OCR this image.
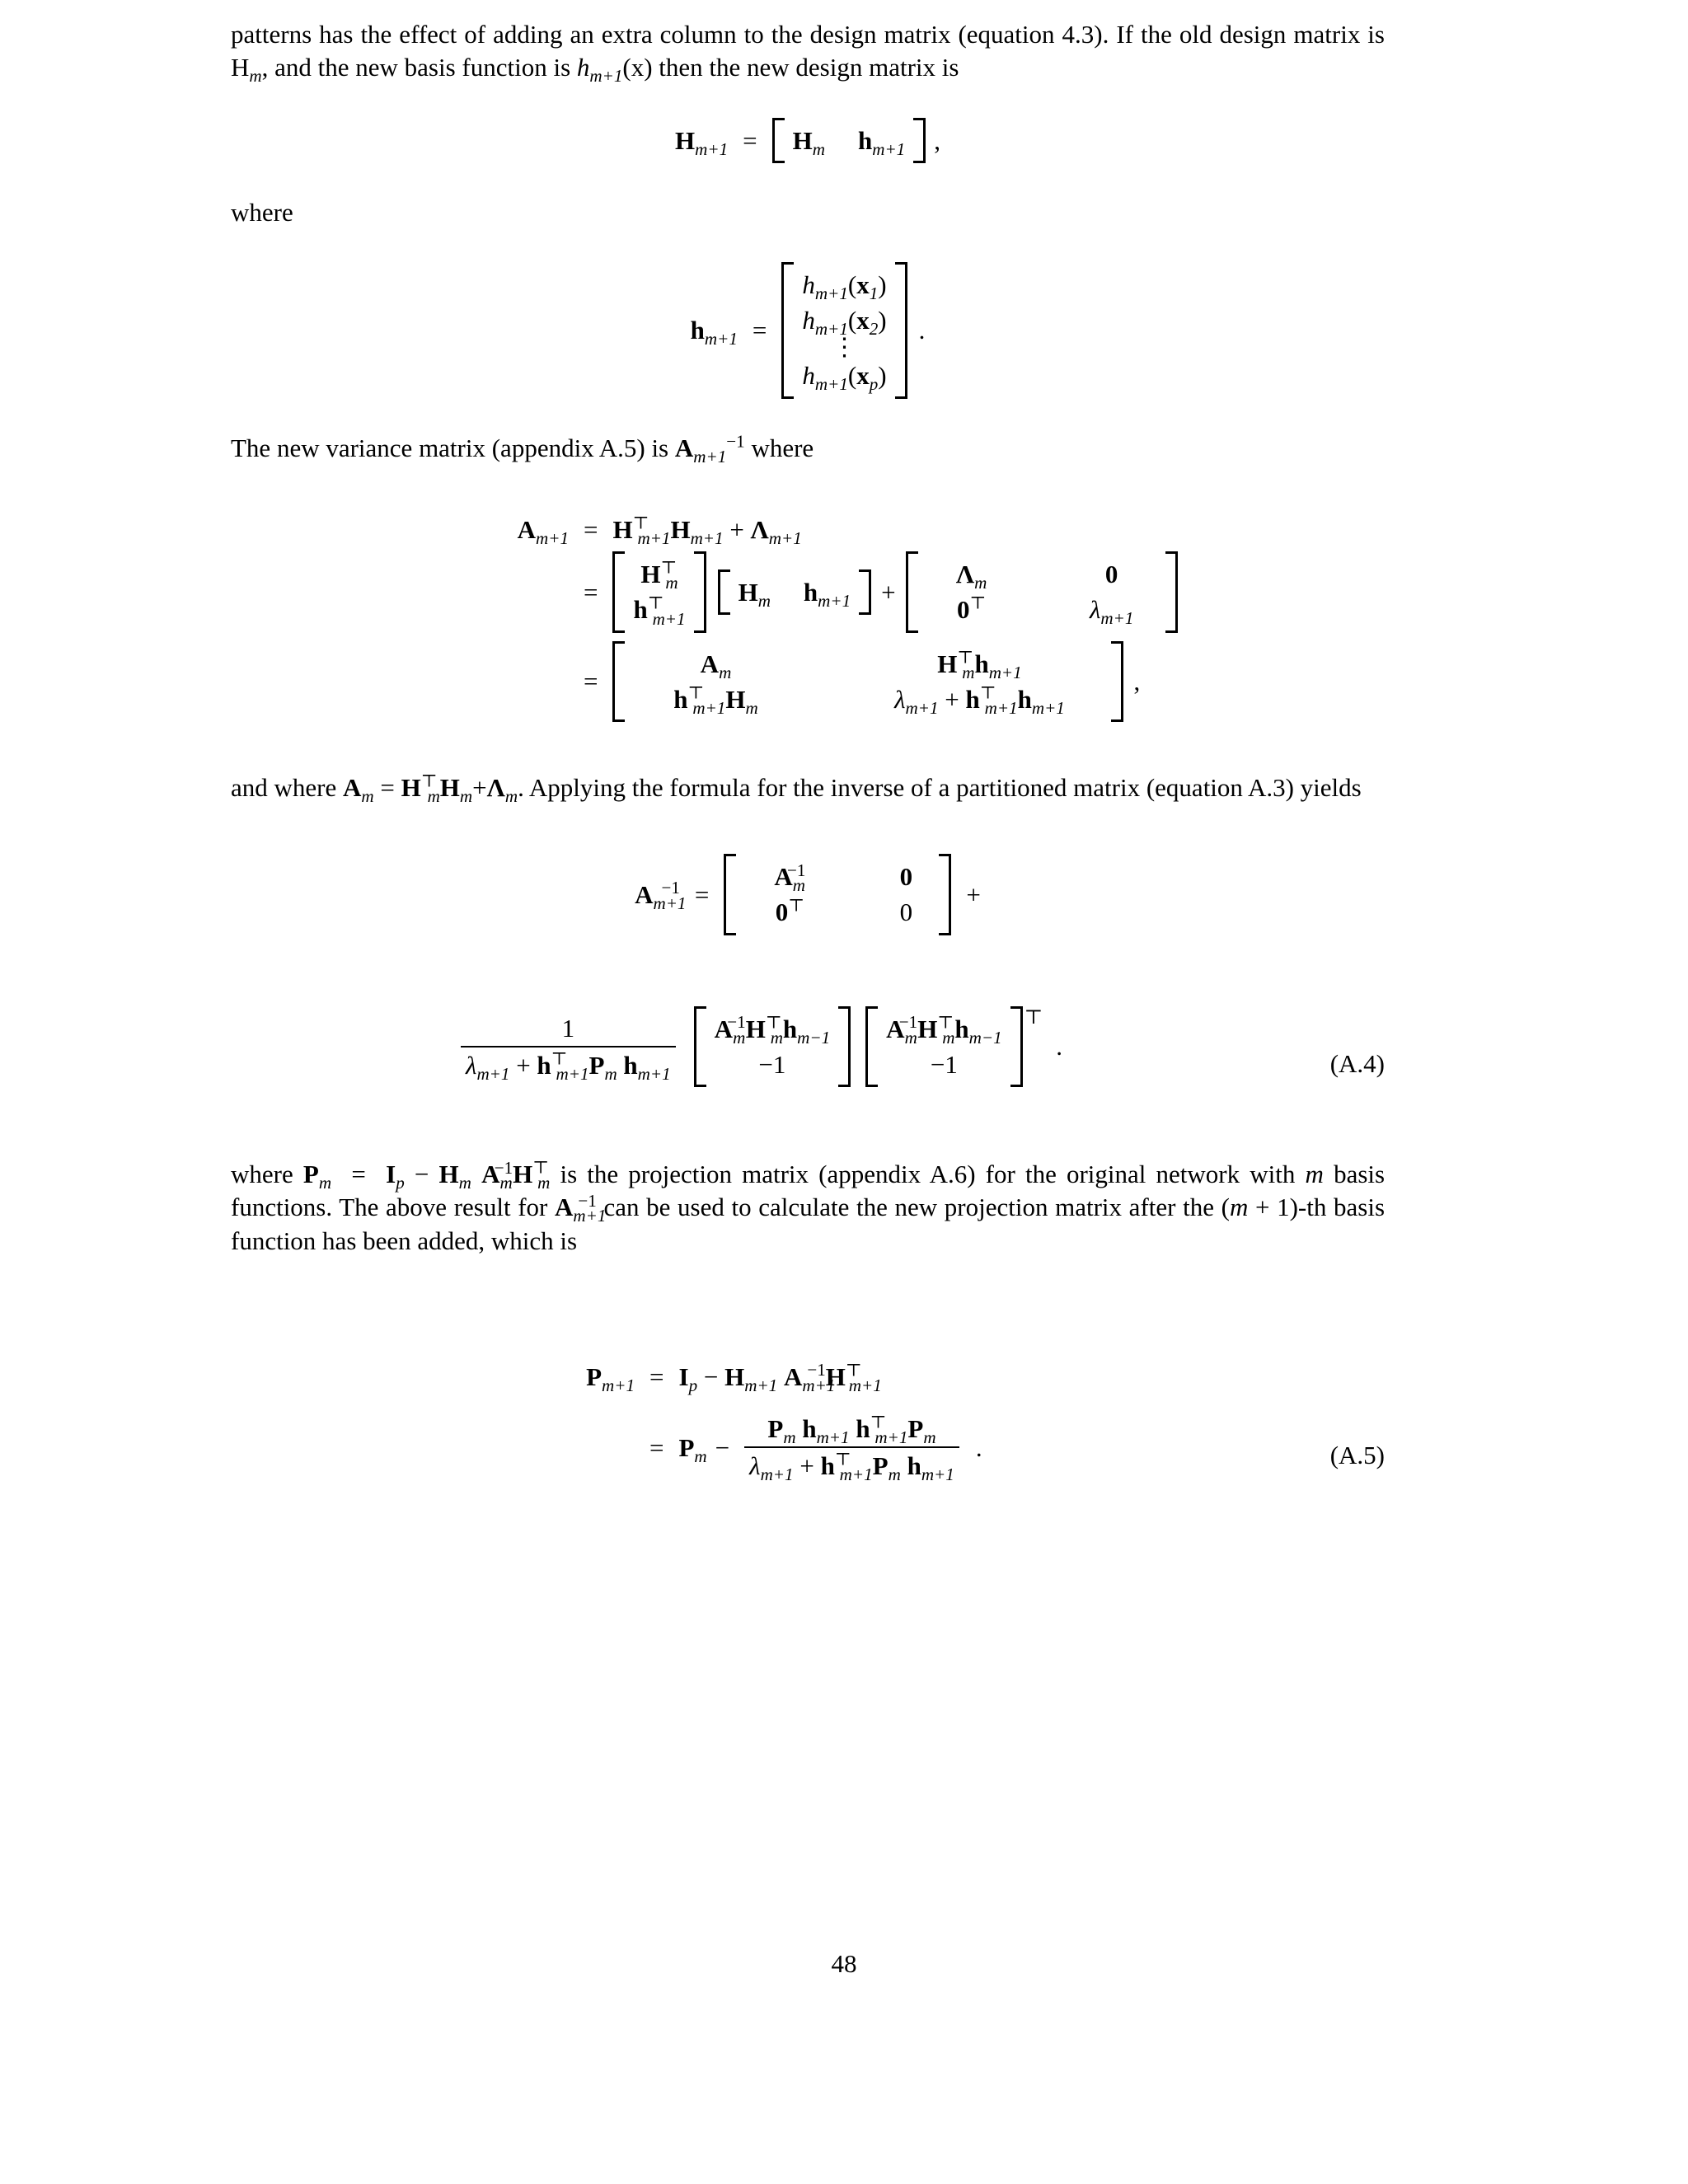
patterns has the effect of adding an extra column to the design matrix (equation 4.3). If the old design matrix is $H_m$, and the new basis function is $h_{m+1}(x)$ then the new design matrix is

$H_{m+1}$ =	$H_m$ $h_{m+1}$	,

where

$h_{m+1}$ =
$h_{m+1}(x_1)$
$h_{m+1}(x_2)$
⋮
$h_{m+1}(x_p)$
.

The new variance matrix (appendix A.5) is $A_{m+1}^{-1}$ where

$A_{m+1} = H^⊤_{m+1}H_{m+1} + \Lambda_{m+1}$
=
$H^⊤_m$
$h^⊤_{m+1}$
$H_m$ $h_{m+1}$	+
$\Lambda_m$	0
0⊤	$\lambda_{m+1}$
=
$A_m$	$H^⊤_mh_{m+1}$
$h^⊤_{m+1}H_m$	$\lambda_{m+1} + h^⊤_{m+1}h_{m+1}$
,

and where $A_m = H^⊤_mH_m+\Lambda_m$. Applying the formula for the inverse of a partitioned matrix (equation A.3) yields

$A_{m+1}^{-1}$ =
$A_m^{-1}$	0
0⊤	0
+
$\frac{1}{\lambda_{m+1} + h^⊤_{m+1}P_m h_{m+1}} A_m^{-1}H^⊤_mh_{m-1}$
−1
$A_m^{-1}H^⊤_mh_{m-1}$
−1
⊤
.
(A.4)

where $P_m = I_p - H_m$ $A_m^{-1}H^⊤_m$ is the projection matrix (appendix A.6) for the original network with m basis functions. The above result for $A_{m+1}^{-1}$ can be used to calculate the new projection matrix after the (m + 1)-th basis function has been added, which is

$P_{m+1} = I_p - H_{m+1}$ $A_{m+1}^{-1}H^⊤_{m+1}$
= $P_m - \frac{P_m h_{m+1} h^⊤_{m+1}P_m}{\lambda_{m+1} + h^⊤_{m+1}P_m h_{m+1}}$ .	(A.5)
48
